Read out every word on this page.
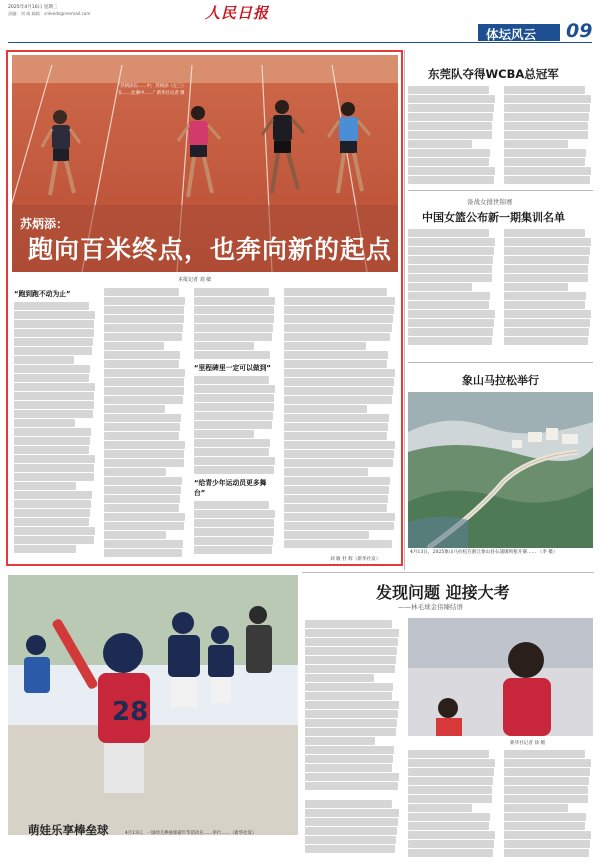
2025年4月16日 星期三
责编：刘 威 邮箱：snleeds@renmail.com	人民日报
体坛风云 09
“苏炳添在……中，苏炳添（左三）在……比赛中……” 新华社记者 摄
苏炳添：
跑向百米终点，也奔向新的起点
本报记者 刘 敏
“跑到跑不动为止”
“里程碑里一定可以做到”
“给青少年运动员更多舞台”
刘 敏 杜 辉（新华社发）
东莞队夺得WCBA总冠军
备战女排世锦赛
中国女篮公布新一期集训名单
象山马拉松举行
4月13日，2025象山马拉松在浙江象山县石浦镇鸣枪开赛…… （李 摄）
28
萌娃乐享棒垒球	4月13日，一场幼儿棒垒球嘉年华活动在……举行……（新华社发）
发现问题 迎接大考
——林毛球金伟臻结语
新华社记者 徐 摄
